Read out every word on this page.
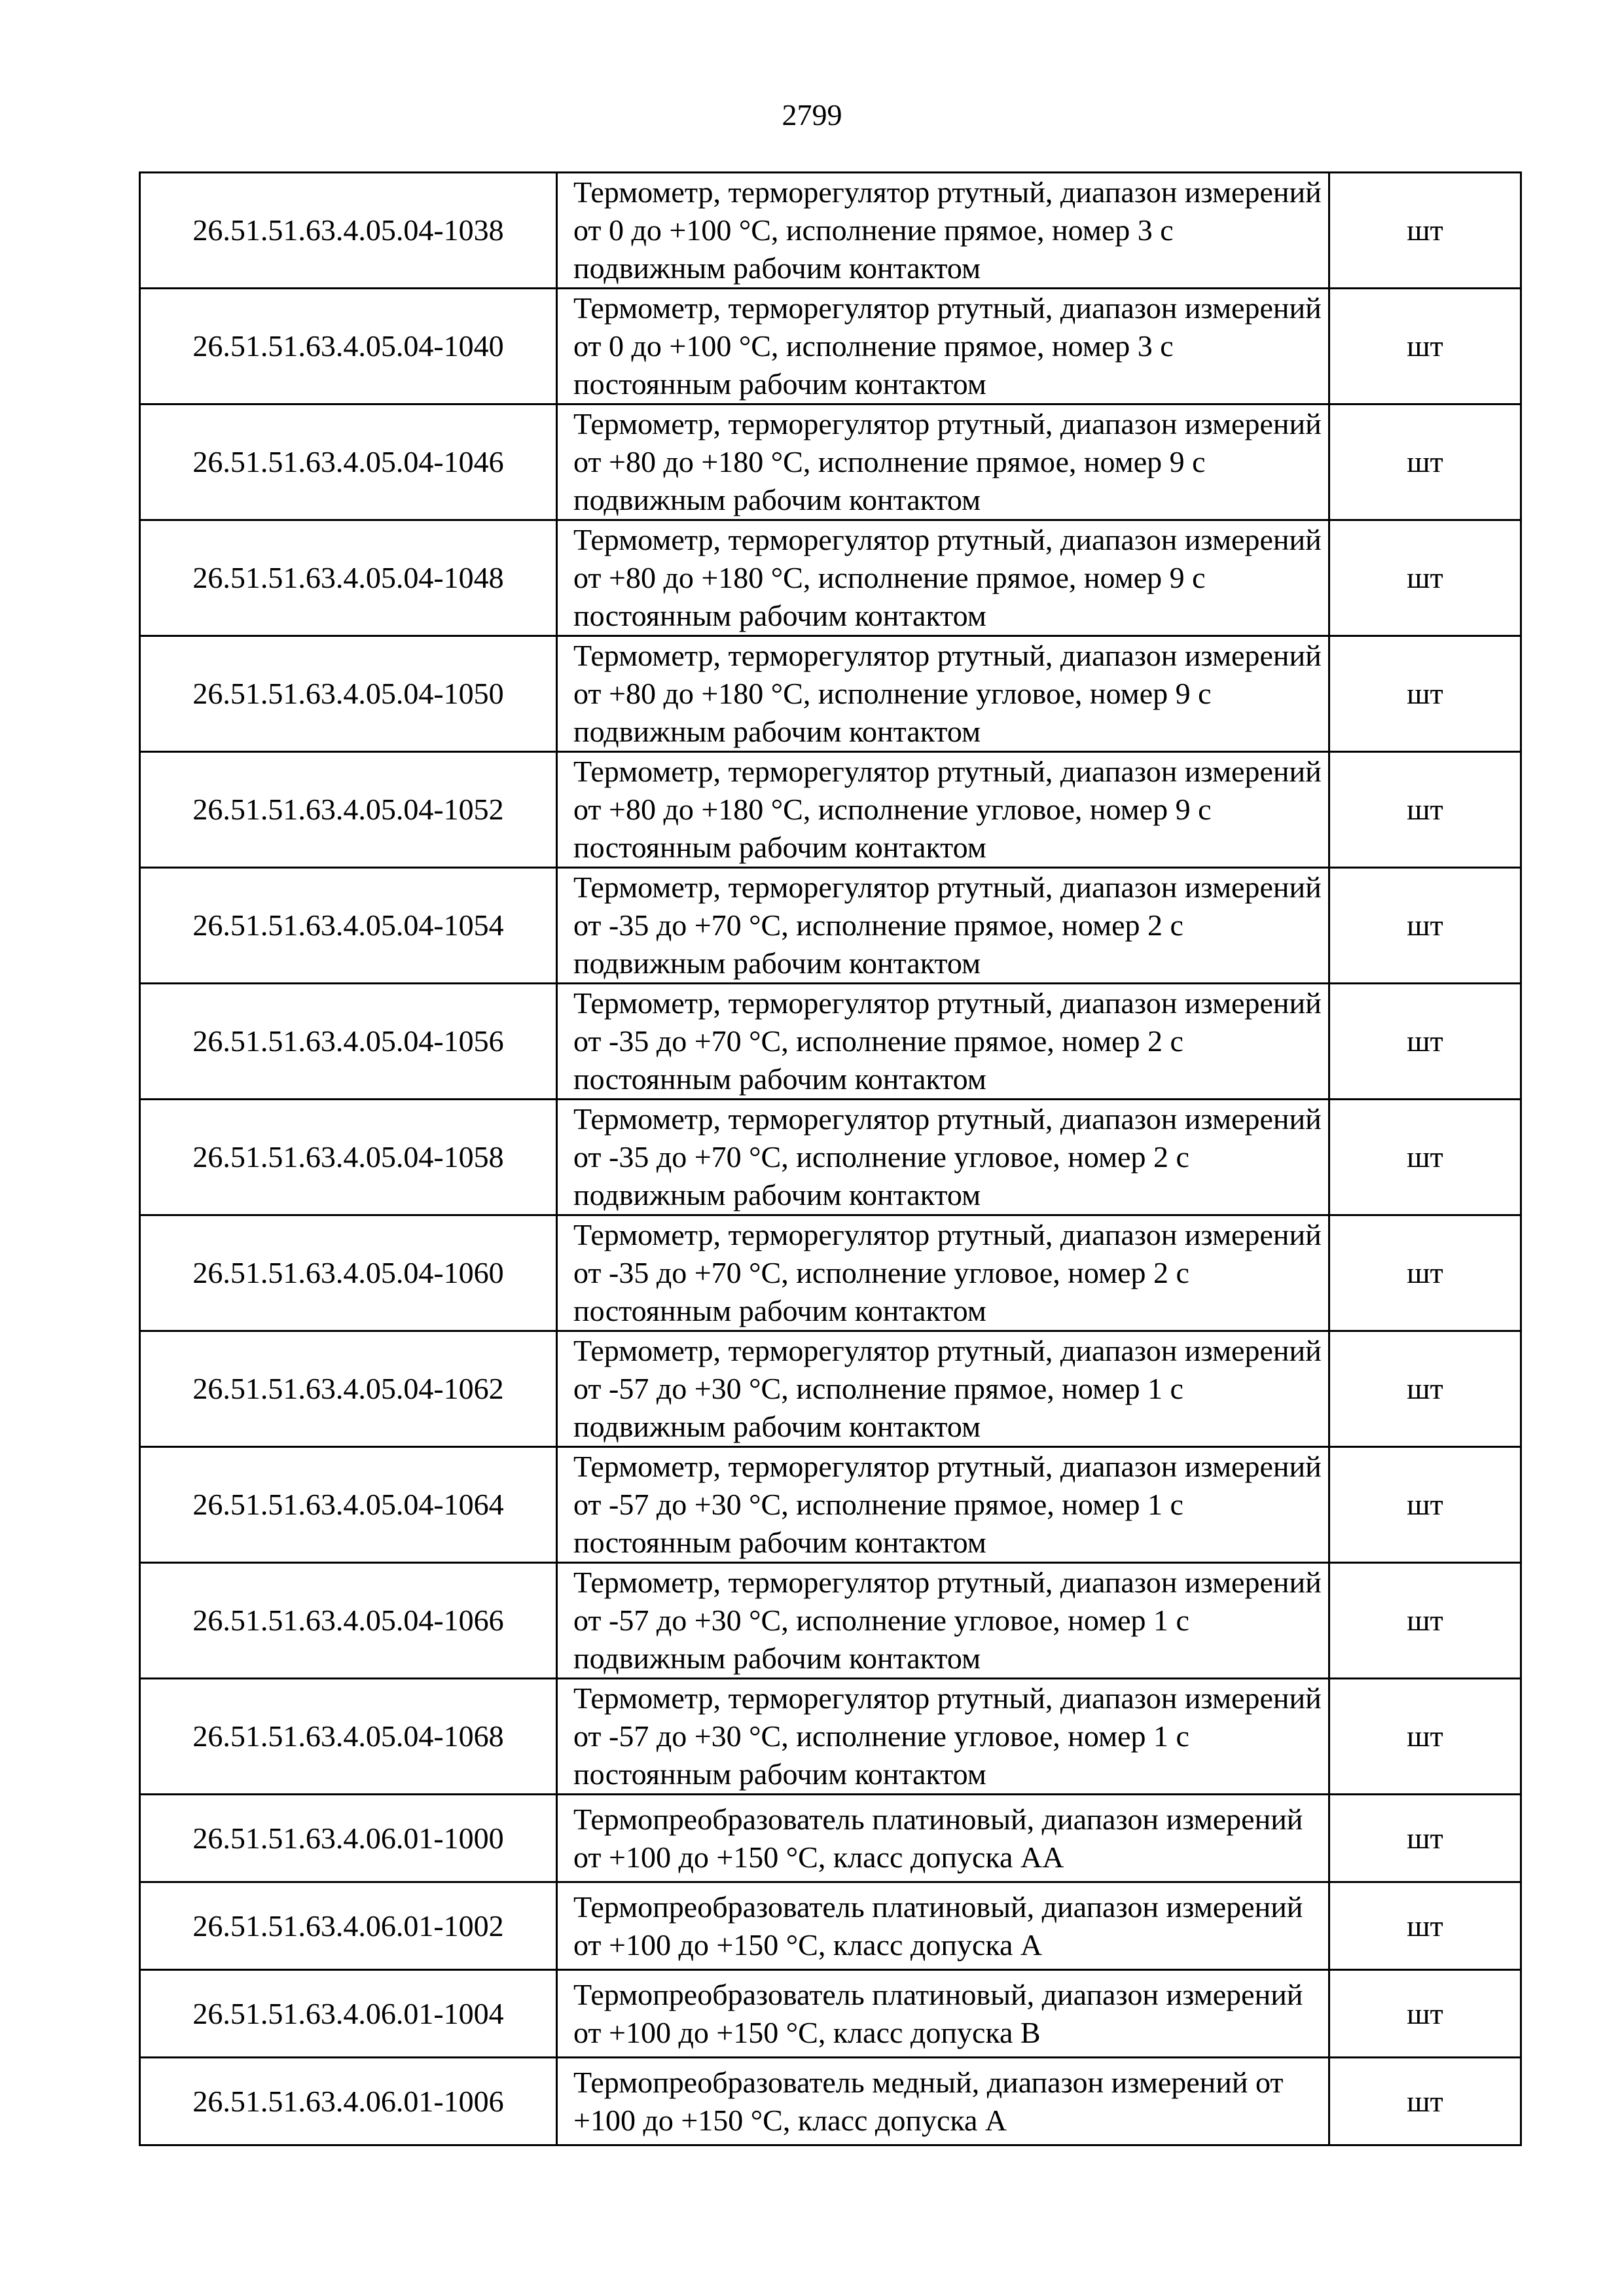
2799
26.51.51.63.4.05.04-1038	Термометр, терморегулятор ртутный, диапазон измерений от 0 до +100 °С, исполнение прямое, номер 3 с подвижным рабочим контактом	шт
26.51.51.63.4.05.04-1040	Термометр, терморегулятор ртутный, диапазон измерений от 0 до +100 °С, исполнение прямое, номер 3 с постоянным рабочим контактом	шт
26.51.51.63.4.05.04-1046	Термометр, терморегулятор ртутный, диапазон измерений от +80 до +180 °С, исполнение прямое, номер 9 с подвижным рабочим контактом	шт
26.51.51.63.4.05.04-1048	Термометр, терморегулятор ртутный, диапазон измерений от +80 до +180 °С, исполнение прямое, номер 9 с постоянным рабочим контактом	шт
26.51.51.63.4.05.04-1050	Термометр, терморегулятор ртутный, диапазон измерений от +80 до +180 °С, исполнение угловое, номер 9 с подвижным рабочим контактом	шт
26.51.51.63.4.05.04-1052	Термометр, терморегулятор ртутный, диапазон измерений от +80 до +180 °С, исполнение угловое, номер 9 с постоянным рабочим контактом	шт
26.51.51.63.4.05.04-1054	Термометр, терморегулятор ртутный, диапазон измерений от -35 до +70 °С, исполнение прямое, номер 2 с подвижным рабочим контактом	шт
26.51.51.63.4.05.04-1056	Термометр, терморегулятор ртутный, диапазон измерений от -35 до +70 °С, исполнение прямое, номер 2 с постоянным рабочим контактом	шт
26.51.51.63.4.05.04-1058	Термометр, терморегулятор ртутный, диапазон измерений от -35 до +70 °С, исполнение угловое, номер 2 с подвижным рабочим контактом	шт
26.51.51.63.4.05.04-1060	Термометр, терморегулятор ртутный, диапазон измерений от -35 до +70 °С, исполнение угловое, номер 2 с постоянным рабочим контактом	шт
26.51.51.63.4.05.04-1062	Термометр, терморегулятор ртутный, диапазон измерений от -57 до +30 °С, исполнение прямое, номер 1 с подвижным рабочим контактом	шт
26.51.51.63.4.05.04-1064	Термометр, терморегулятор ртутный, диапазон измерений от -57 до +30 °С, исполнение прямое, номер 1 с постоянным рабочим контактом	шт
26.51.51.63.4.05.04-1066	Термометр, терморегулятор ртутный, диапазон измерений от -57 до +30 °С, исполнение угловое, номер 1 с подвижным рабочим контактом	шт
26.51.51.63.4.05.04-1068	Термометр, терморегулятор ртутный, диапазон измерений от -57 до +30 °С, исполнение угловое, номер 1 с постоянным рабочим контактом	шт
26.51.51.63.4.06.01-1000	Термопреобразователь платиновый, диапазон измерений от +100 до +150 °С, класс допуска АА	шт
26.51.51.63.4.06.01-1002	Термопреобразователь платиновый, диапазон измерений от +100 до +150 °С, класс допуска А	шт
26.51.51.63.4.06.01-1004	Термопреобразователь платиновый, диапазон измерений от +100 до +150 °С, класс допуска В	шт
26.51.51.63.4.06.01-1006	Термопреобразователь медный, диапазон измерений от +100 до +150 °С, класс допуска А	шт
